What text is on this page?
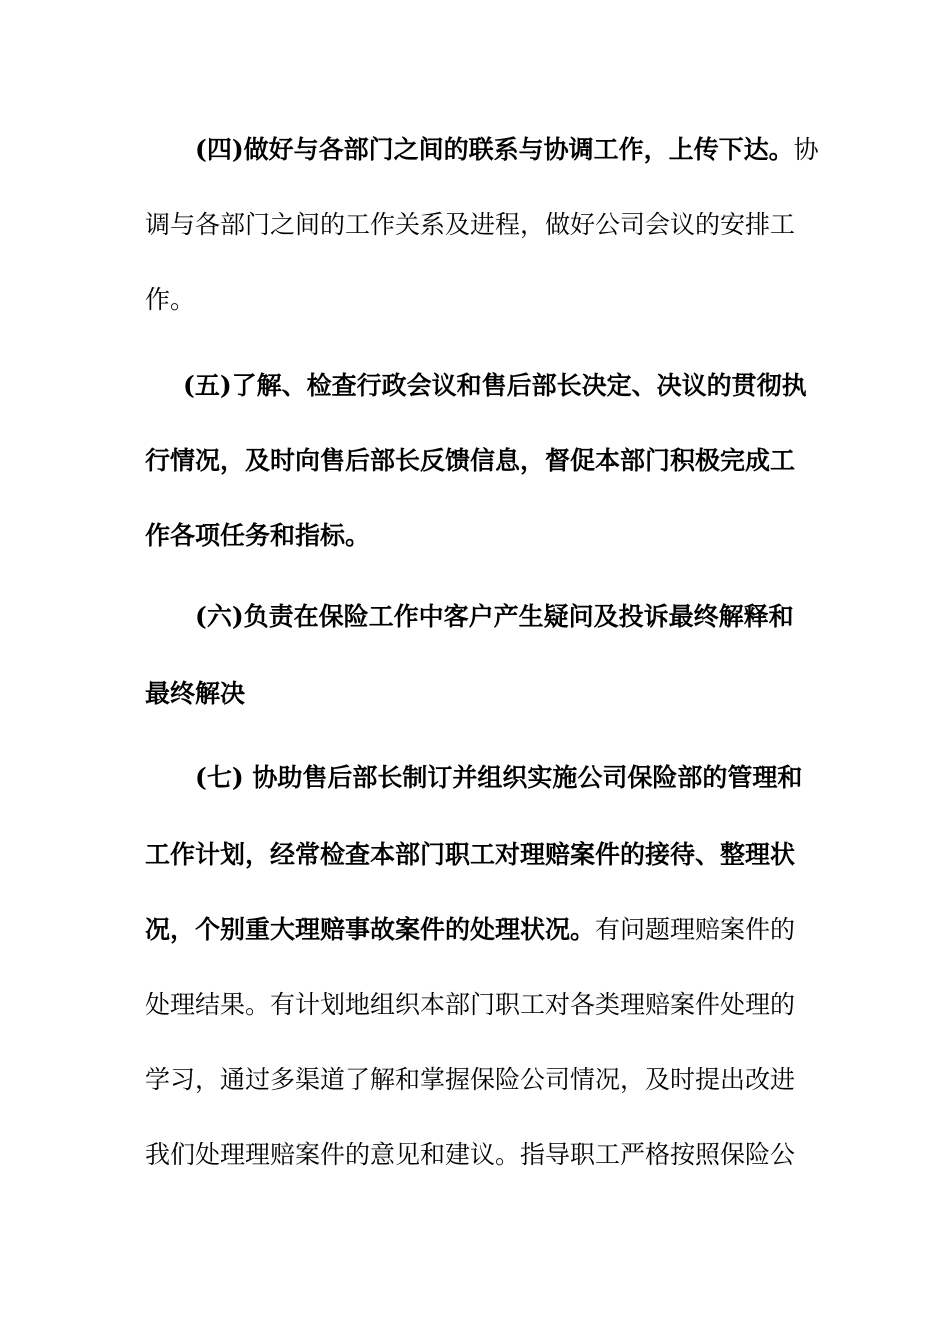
(四)做好与各部门之间的联系与协调工作，上传下达。协
调与各部门之间的工作关系及进程，做好公司会议的安排工
作。
(五)了解、检查行政会议和售后部长决定、决议的贯彻执
行情况，及时向售后部长反馈信息，督促本部门积极完成工
作各项任务和指标。
(六)负责在保险工作中客户产生疑问及投诉最终解释和
最终解决
(七) 协助售后部长制订并组织实施公司保险部的管理和
工作计划，经常检查本部门职工对理赔案件的接待、整理状
况，个别重大理赔事故案件的处理状况。有问题理赔案件的
处理结果。有计划地组织本部门职工对各类理赔案件处理的
学习，通过多渠道了解和掌握保险公司情况，及时提出改进
我们处理理赔案件的意见和建议。指导职工严格按照保险公
